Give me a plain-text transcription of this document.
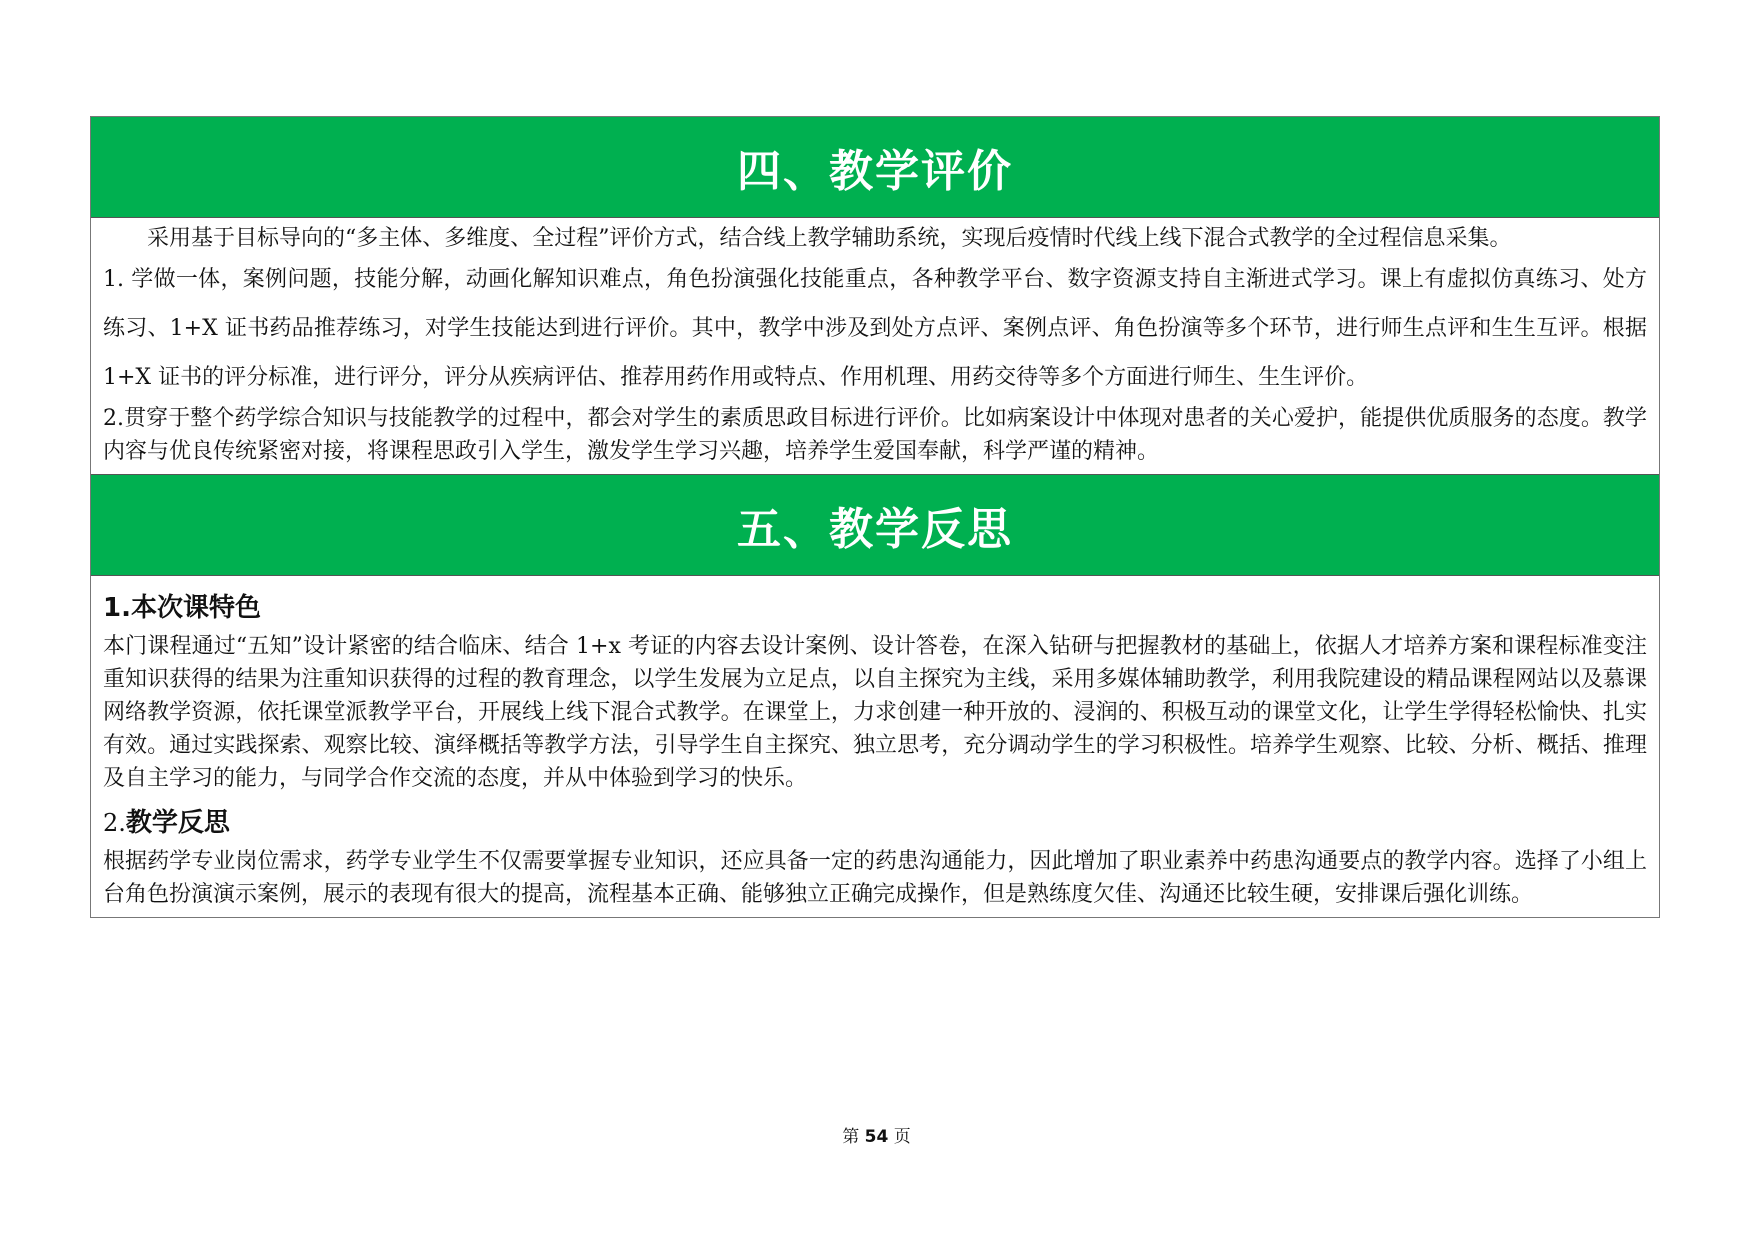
四、教学评价

采用基于目标导向的“多主体、多维度、全过程”评价方式，结合线上教学辅助系统，实现后疫情时代线上线下混合式教学的全过程信息采集。

1. 学做一体，案例问题，技能分解，动画化解知识难点，角色扮演强化技能重点，各种教学平台、数字资源支持自主渐进式学习。课上有虚拟仿真练习、处方练习、1+X 证书药品推荐练习，对学生技能达到进行评价。其中，教学中涉及到处方点评、案例点评、角色扮演等多个环节，进行师生点评和生生互评。根据 1+X 证书的评分标准，进行评分，评分从疾病评估、推荐用药作用或特点、作用机理、用药交待等多个方面进行师生、生生评价。

2.贯穿于整个药学综合知识与技能教学的过程中，都会对学生的素质思政目标进行评价。比如病案设计中体现对患者的关心爱护，能提供优质服务的态度。教学内容与优良传统紧密对接，将课程思政引入学生，激发学生学习兴趣，培养学生爱国奉献，科学严谨的精神。

五、教学反思
1.本次课特色

本门课程通过“五知”设计紧密的结合临床、结合 1+x 考证的内容去设计案例、设计答卷，在深入钻研与把握教材的基础上，依据人才培养方案和课程标准变注重知识获得的结果为注重知识获得的过程的教育理念，以学生发展为立足点，以自主探究为主线，采用多媒体辅助教学，利用我院建设的精品课程网站以及慕课网络教学资源，依托课堂派教学平台，开展线上线下混合式教学。在课堂上，力求创建一种开放的、浸润的、积极互动的课堂文化，让学生学得轻松愉快、扎实有效。通过实践探索、观察比较、演绎概括等教学方法，引导学生自主探究、独立思考，充分调动学生的学习积极性。培养学生观察、比较、分析、概括、推理及自主学习的能力，与同学合作交流的态度，并从中体验到学习的快乐。

2.教学反思

根据药学专业岗位需求，药学专业学生不仅需要掌握专业知识，还应具备一定的药患沟通能力，因此增加了职业素养中药患沟通要点的教学内容。选择了小组上台角色扮演演示案例，展示的表现有很大的提高，流程基本正确、能够独立正确完成操作，但是熟练度欠佳、沟通还比较生硬，安排课后强化训练。

第 54 页
